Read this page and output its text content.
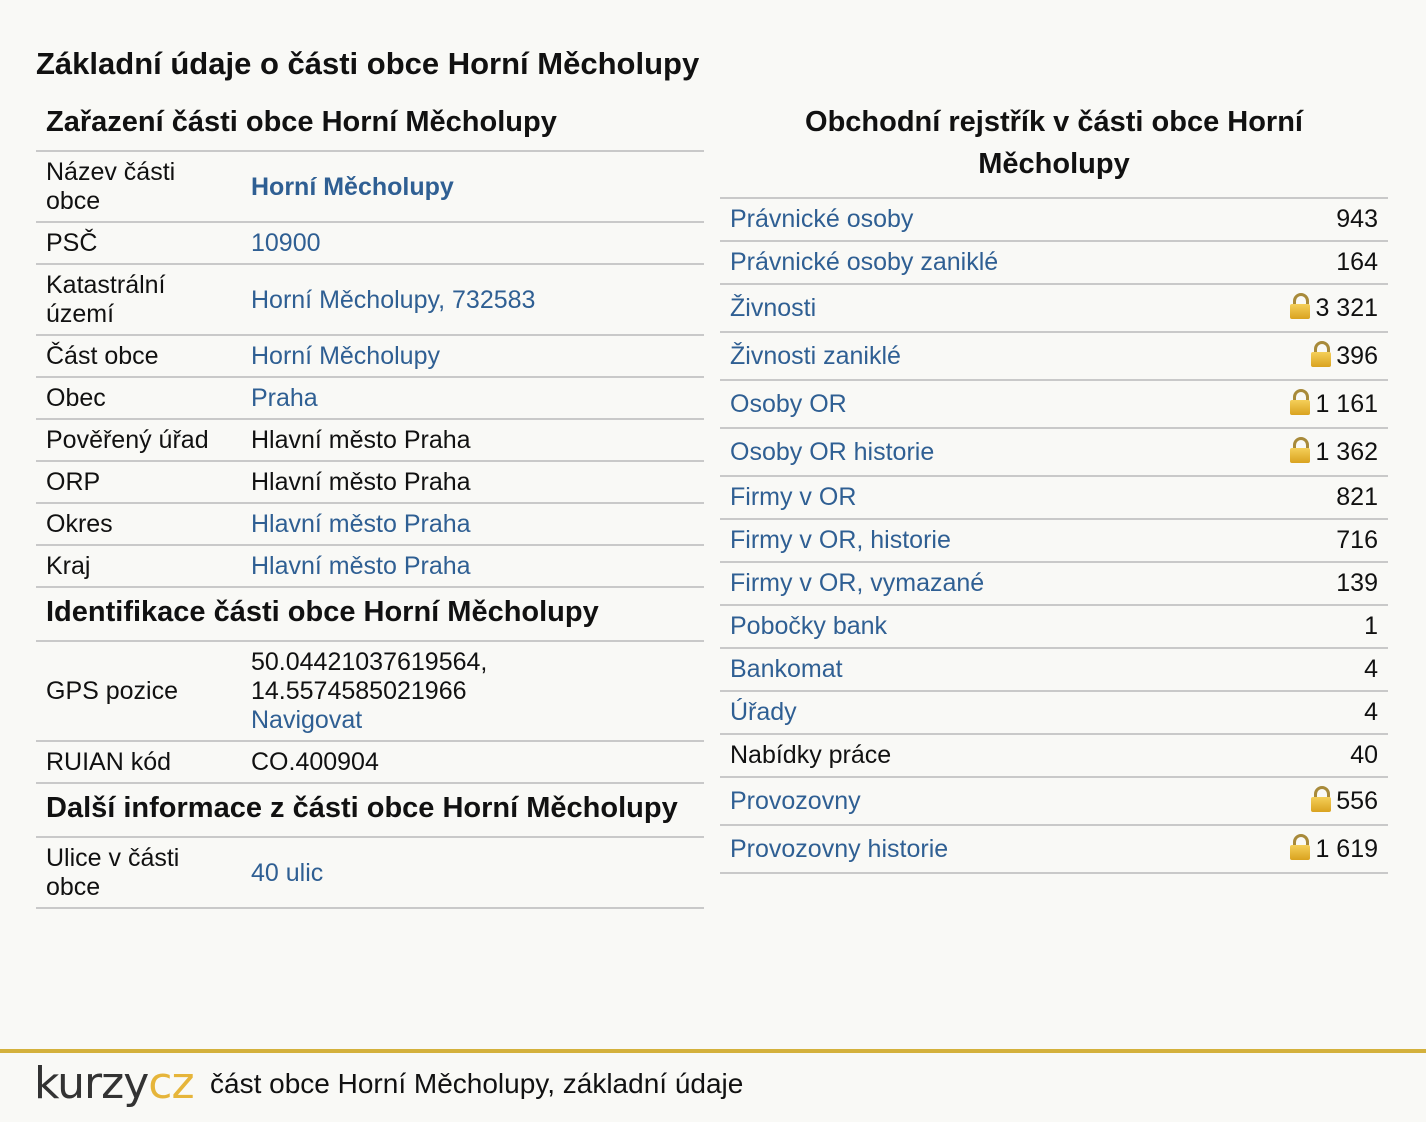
Základní údaje o části obce Horní Měcholupy
Zařazení části obce Horní Měcholupy
Název části obce	Horní Měcholupy
PSČ	10900
Katastrální území	Horní Měcholupy, 732583
Část obce	Horní Měcholupy
Obec	Praha
Pověřený úřad	Hlavní město Praha
ORP	Hlavní město Praha
Okres	Hlavní město Praha
Kraj	Hlavní město Praha
Identifikace části obce Horní Měcholupy
GPS pozice	50.04421037619564,
14.5574585021966
Navigovat
RUIAN kód	CO.400904
Další informace z části obce Horní Měcholupy
Ulice v části obce	40 ulic
Obchodní rejstřík v části obce Horní Měcholupy
Právnické osoby	943
Právnické osoby zaniklé	164
Živnosti	3 321
Živnosti zaniklé	396
Osoby OR	1 161
Osoby OR historie	1 362
Firmy v OR	821
Firmy v OR, historie	716
Firmy v OR, vymazané	139
Pobočky bank	1
Bankomat	4
Úřady	4
Nabídky práce	40
Provozovny	556
Provozovny historie	1 619
kurzycz část obce Horní Měcholupy, základní údaje
